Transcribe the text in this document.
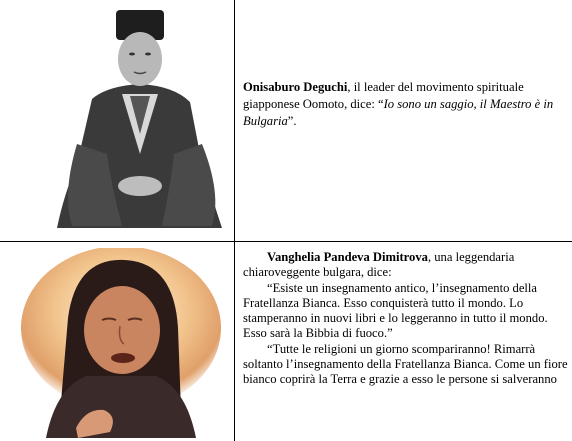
Onisaburo Deguchi, il leader del movimento spirituale giapponese Oomoto, dice: “Io sono un saggio, il Maestro è in Bulgaria”.

Vanghelia Pandeva Dimitrova, una leggendaria chiaroveggente bulgara, dice:

“Esiste un insegnamento antico, l’insegnamento della Fratellanza Bianca. Esso conquisterà tutto il mondo. Lo stamperanno in nuovi libri e lo leggeranno in tutto il mondo. Esso sarà la Bibbia di fuoco.”

“Tutte le religioni un giorno scompariranno! Rimarrà soltanto l’insegnamento della Fratellanza Bianca. Come un fiore bianco coprirà la Terra e grazie a esso le persone si salveranno
